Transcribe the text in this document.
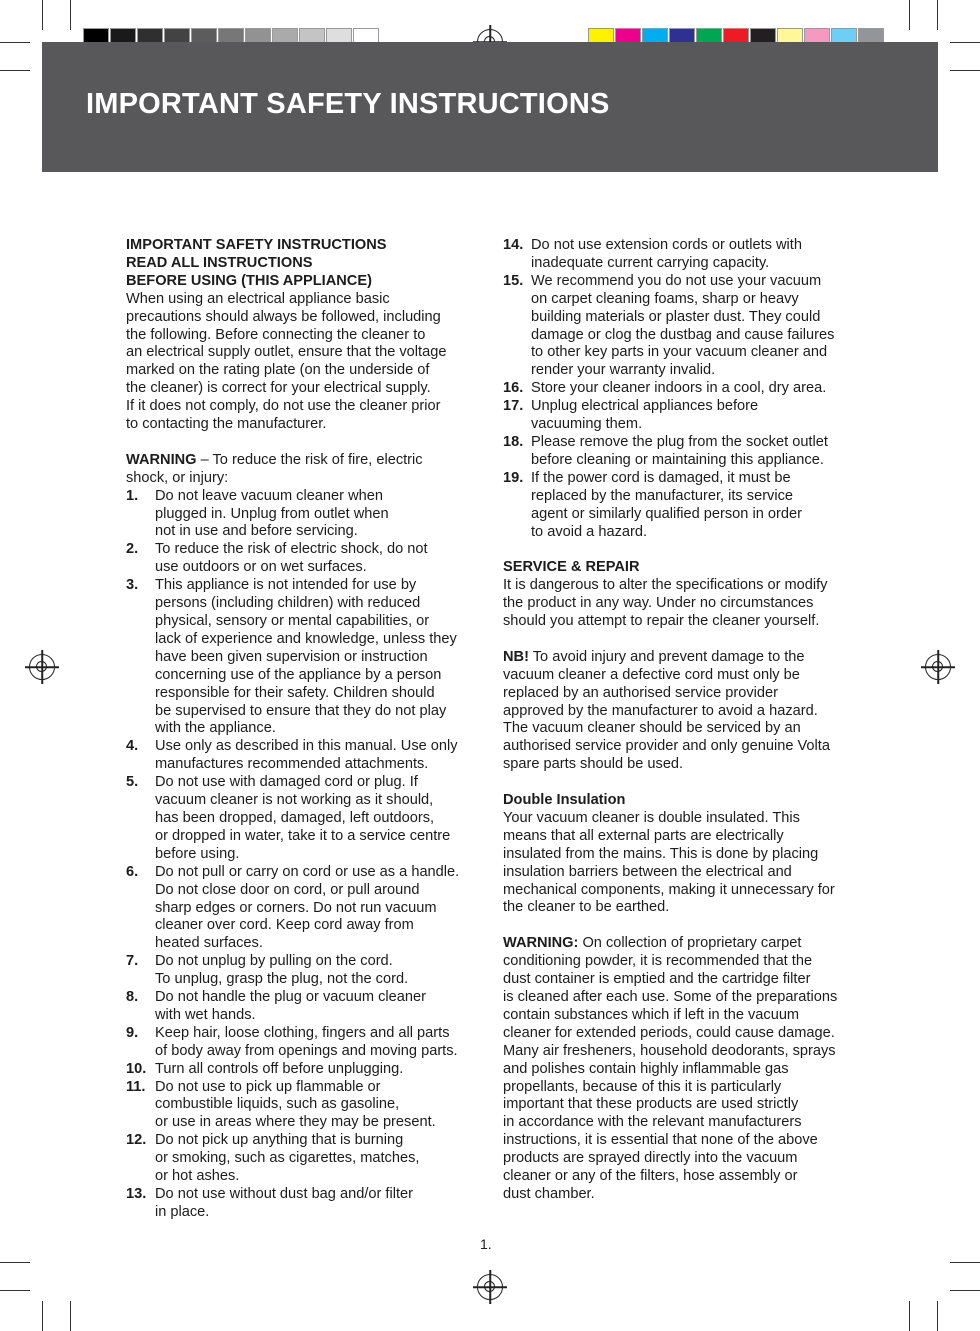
IMPORTANT SAFETY INSTRUCTIONS

IMPORTANT SAFETY INSTRUCTIONS

READ ALL INSTRUCTIONS

BEFORE USING (THIS APPLIANCE)

When using an electrical appliance basic
precautions should always be followed, including
the following. Before connecting the cleaner to
an electrical supply outlet, ensure that the voltage
marked on the rating plate (on the underside of
the cleaner) is correct for your electrical supply.
If it does not comply, do not use the cleaner prior
to contacting the manufacturer.

WARNING – To reduce the risk of fire, electric
shock, or injury:

1.	Do not leave vacuum cleaner when
plugged in. Unplug from outlet when
not in use and before servicing.
2.	To reduce the risk of electric shock, do not
use outdoors or on wet surfaces.
3.	This appliance is not intended for use by
persons (including children) with reduced
physical, sensory or mental capabilities, or
lack of experience and knowledge, unless they
have been given supervision or instruction
concerning use of the appliance by a person
responsible for their safety. Children should
be supervised to ensure that they do not play
with the appliance.
4.	Use only as described in this manual. Use only
manufactures recommended attachments.
5.	Do not use with damaged cord or plug. If
vacuum cleaner is not working as it should,
has been dropped, damaged, left outdoors,
or dropped in water, take it to a service centre
before using.
6.	Do not pull or carry on cord or use as a handle.
Do not close door on cord, or pull around
sharp edges or corners. Do not run vacuum
cleaner over cord. Keep cord away from
heated surfaces.
7.	Do not unplug by pulling on the cord.
To unplug, grasp the plug, not the cord.
8.	Do not handle the plug or vacuum cleaner
with wet hands.
9.	Keep hair, loose clothing, fingers and all parts
of body away from openings and moving parts.
10. Turn all controls off before unplugging.
11. Do not use to pick up flammable or
combustible liquids, such as gasoline,
or use in areas where they may be present.
12. Do not pick up anything that is burning
or smoking, such as cigarettes, matches,
or hot ashes.
13. Do not use without dust bag and/or filter
in place.
14. Do not use extension cords or outlets with
inadequate current carrying capacity.
15. We recommend you do not use your vacuum
on carpet cleaning foams, sharp or heavy
building materials or plaster dust. They could
damage or clog the dustbag and cause failures
to other key parts in your vacuum cleaner and
render your warranty invalid.
16. Store your cleaner indoors in a cool, dry area.
17. Unplug electrical appliances before
vacuuming them.
18. Please remove the plug from the socket outlet
before cleaning or maintaining this appliance.
19. If the power cord is damaged, it must be
replaced by the manufacturer, its service
agent or similarly qualified person in order
to avoid a hazard.

SERVICE & REPAIR

It is dangerous to alter the specifications or modify
the product in any way. Under no circumstances
should you attempt to repair the cleaner yourself.

NB! To avoid injury and prevent damage to the
vacuum cleaner a defective cord must only be
replaced by an authorised service provider
approved by the manufacturer to avoid a hazard.
The vacuum cleaner should be serviced by an
authorised service provider and only genuine Volta
spare parts should be used.

Double Insulation

Your vacuum cleaner is double insulated. This
means that all external parts are electrically
insulated from the mains. This is done by placing
insulation barriers between the electrical and
mechanical components, making it unnecessary for
the cleaner to be earthed.

WARNING: On collection of proprietary carpet
conditioning powder, it is recommended that the
dust container is emptied and the cartridge filter
is cleaned after each use. Some of the preparations
contain substances which if left in the vacuum
cleaner for extended periods, could cause damage.
Many air fresheners, household deodorants, sprays
and polishes contain highly inflammable gas
propellants, because of this it is particularly
important that these products are used strictly
in accordance with the relevant manufacturers
instructions, it is essential that none of the above
products are sprayed directly into the vacuum
cleaner or any of the filters, hose assembly or
dust chamber.

1.
